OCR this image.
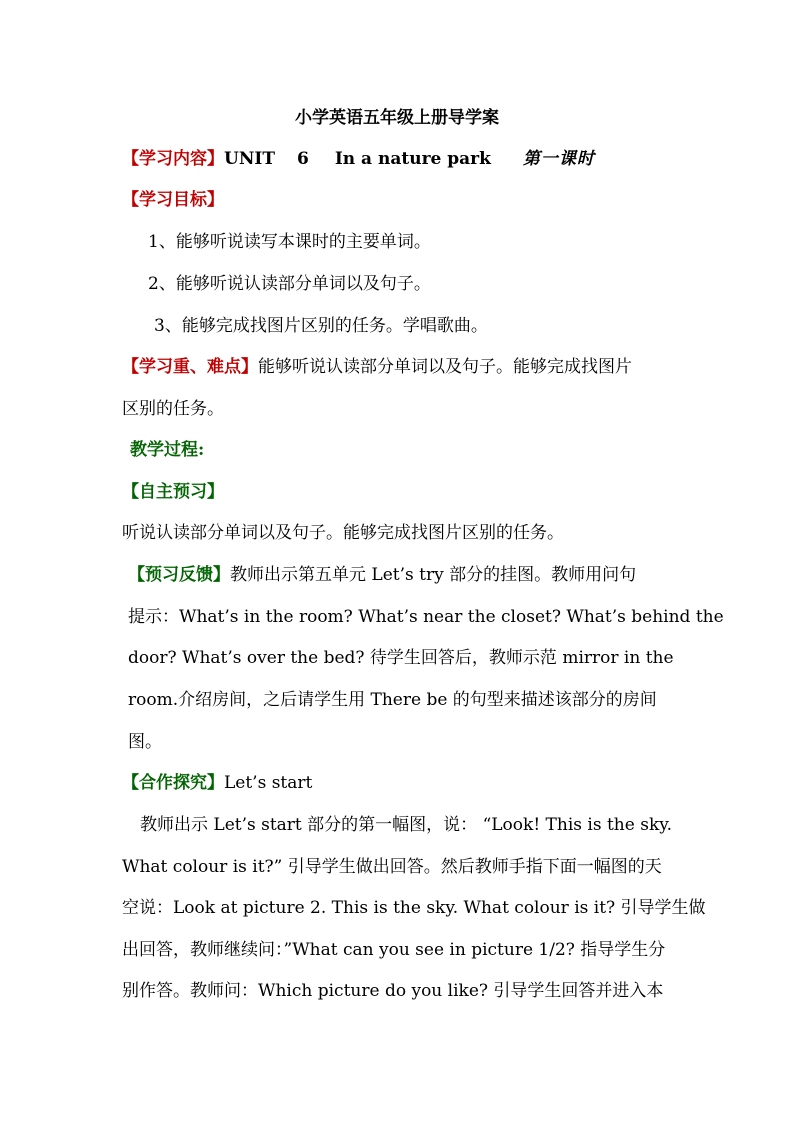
小学英语五年级上册导学案
【学习内容】UNIT 6 In a nature park 第一课时
【学习目标】
1、能够听说读写本课时的主要单词。
2、能够听说认读部分单词以及句子。
3、能够完成找图片区别的任务。学唱歌曲。
【学习重、难点】能够听说认读部分单词以及句子。能够完成找图片
区别的任务。
教学过程:
【自主预习】
听说认读部分单词以及句子。能够完成找图片区别的任务。
【预习反馈】教师出示第五单元 Let’s try 部分的挂图。教师用问句
提示：What’s in the room? What’s near the closet? What’s behind the
door? What’s over the bed? 待学生回答后，教师示范 mirror in the
room.介绍房间，之后请学生用 There be 的句型来描述该部分的房间
图。
【合作探究】Let’s start
教师出示 Let’s start 部分的第一幅图，说： “Look! This is the sky.
What colour is it?” 引导学生做出回答。然后教师手指下面一幅图的天
空说：Look at picture 2. This is the sky. What colour is it? 引导学生做
出回答，教师继续问：”What can you see in picture 1/2? 指导学生分
别作答。教师问：Which picture do you like? 引导学生回答并进入本
